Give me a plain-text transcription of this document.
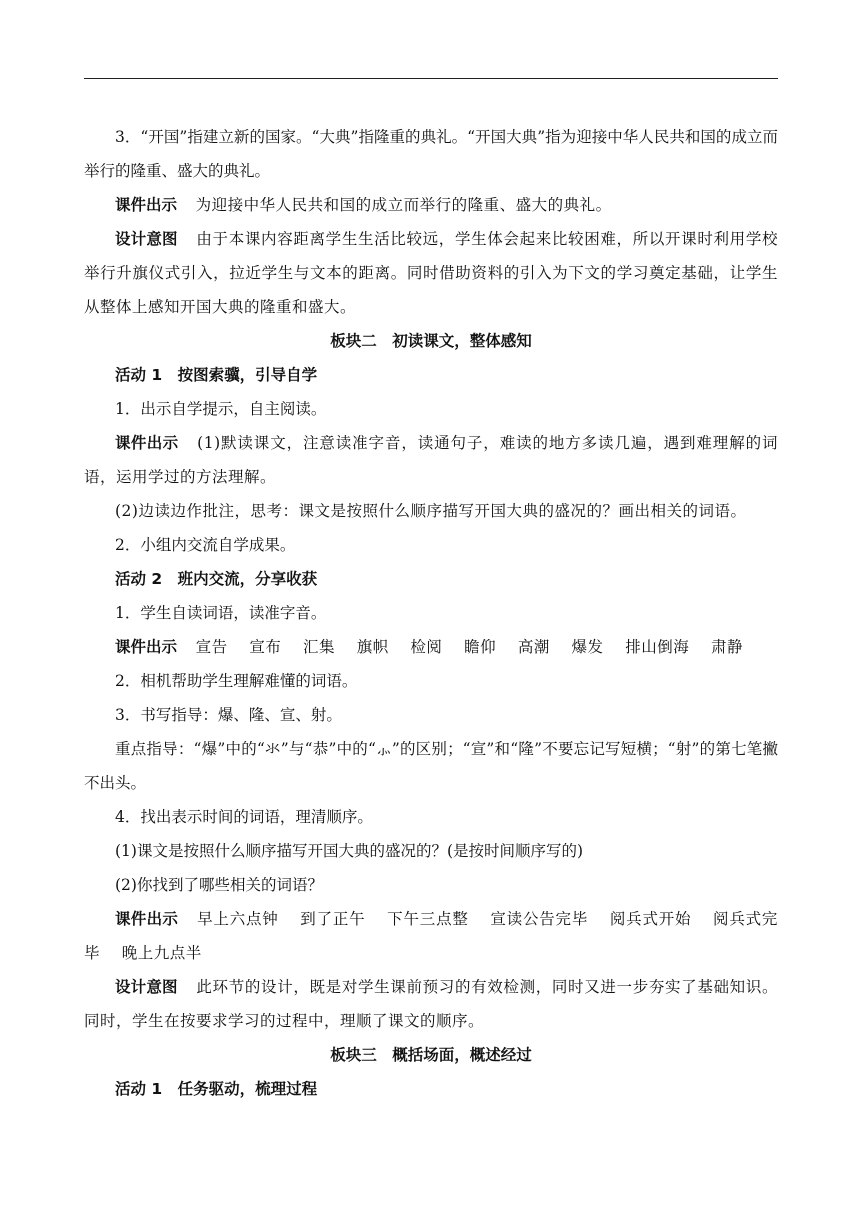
3．“开国”指建立新的国家。“大典”指隆重的典礼。“开国大典”指为迎接中华人民共和国的成立而举行的隆重、盛大的典礼。

课件出示 为迎接中华人民共和国的成立而举行的隆重、盛大的典礼。

设计意图 由于本课内容距离学生生活比较远，学生体会起来比较困难，所以开课时利用学校举行升旗仪式引入，拉近学生与文本的距离。同时借助资料的引入为下文的学习奠定基础，让学生从整体上感知开国大典的隆重和盛大。

板块二　初读课文，整体感知

活动 1　按图索骥，引导自学

1．出示自学提示，自主阅读。

课件出示 (1)默读课文，注意读准字音，读通句子，难读的地方多读几遍，遇到难理解的词语，运用学过的方法理解。

(2)边读边作批注，思考：课文是按照什么顺序描写开国大典的盛况的？画出相关的词语。

2．小组内交流自学成果。

活动 2　班内交流，分享收获

1．学生自读词语，读准字音。

课件出示 宣告 宣布 汇集 旗帜 检阅 瞻仰 高潮 爆发 排山倒海 肃静

2．相机帮助学生理解难懂的词语。

3．书写指导：爆、隆、宣、射。

重点指导：“爆”中的“氺”与“恭”中的“⺗”的区别；“宣”和“隆”不要忘记写短横；“射”的第七笔撇不出头。

4．找出表示时间的词语，理清顺序。

(1)课文是按照什么顺序描写开国大典的盛况的？(是按时间顺序写的)

(2)你找到了哪些相关的词语？

课件出示 早上六点钟 到了正午 下午三点整 宣读公告完毕 阅兵式开始 阅兵式完毕 晚上九点半

设计意图 此环节的设计，既是对学生课前预习的有效检测，同时又进一步夯实了基础知识。同时，学生在按要求学习的过程中，理顺了课文的顺序。

板块三　概括场面，概述经过

活动 1　任务驱动，梳理过程
